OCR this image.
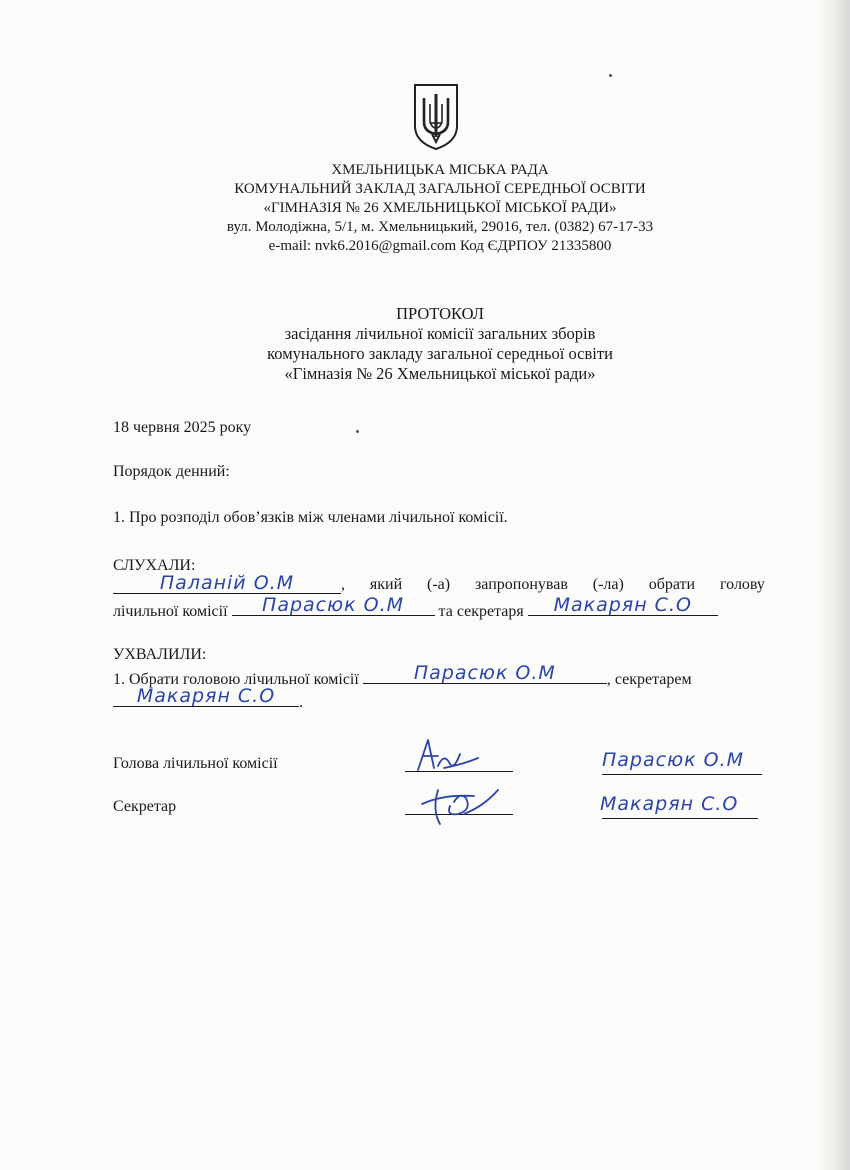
ХМЕЛЬНИЦЬКА МІСЬКА РАДА
КОМУНАЛЬНИЙ ЗАКЛАД ЗАГАЛЬНОЇ СЕРЕДНЬОЇ ОСВІТИ
«ГІМНАЗІЯ № 26 ХМЕЛЬНИЦЬКОЇ МІСЬКОЇ РАДИ»
вул. Молодіжна, 5/1, м. Хмельницький, 29016, тел. (0382) 67-17-33
e-mail: nvk6.2016@gmail.com Код ЄДРПОУ 21335800
ПРОТОКОЛ
засідання лічильної комісії загальних зборів
комунального закладу загальної середньої освіти
«Гімназія № 26 Хмельницької міської ради»
18 червня 2025 року
Порядок денний:
1. Про розподіл обов’язків між членами лічильної комісії.
СЛУХАЛИ:
Паланій О.М	, який (-а) запропонував (-ла) обрати голову
лічильної комісії	Парасюк О.М	та секретаря	Макарян С.О
УХВАЛИЛИ:
1. Обрати головою лічильної комісії	Парасюк О.М	, секретарем
Макарян С.О	.
Голова лічильної комісії	Парасюк О.М
Секретар	Макарян С.О
